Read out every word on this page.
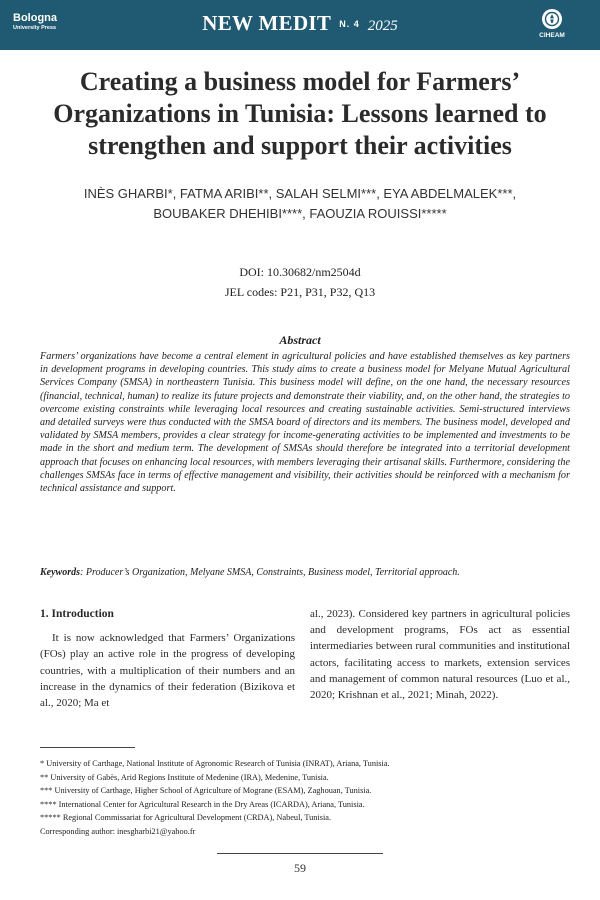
Bologna
University Press	NEW MEDIT N. 4 2025
CIHEAM
Creating a business model for Farmers’ Organizations in Tunisia: Lessons learned to strengthen and support their activities
INÈS GHARBI*, FATMA ARIBI**, SALAH SELMI***, EYA ABDELMALEK***,
BOUBAKER DHEHIBI****, FAOUZIA ROUISSI*****
DOI: 10.30682/nm2504d
JEL codes: P21, P31, P32, Q13
Abstract

Farmers’ organizations have become a central element in agricultural policies and have established themselves as key partners in development programs in developing countries. This study aims to create a business model for Melyane Mutual Agricultural Services Company (SMSA) in northeastern Tunisia. This business model will define, on the one hand, the necessary resources (financial, technical, human) to realize its future projects and demonstrate their viability, and, on the other hand, the strategies to overcome existing constraints while leveraging local resources and creating sustainable activities. Semi-structured interviews and detailed surveys were thus conducted with the SMSA board of directors and its members. The business model, developed and validated by SMSA members, provides a clear strategy for income-generating activities to be implemented and investments to be made in the short and medium term. The development of SMSAs should therefore be integrated into a territorial development approach that focuses on enhancing local resources, with members leveraging their artisanal skills. Furthermore, considering the challenges SMSAs face in terms of effective management and visibility, their activities should be reinforced with a mechanism for technical assistance and support.

Keywords: Producer’s Organization, Melyane SMSA, Constraints, Business model, Territorial approach.
1. Introduction

It is now acknowledged that Farmers’ Organizations (FOs) play an active role in the progress of developing countries, with a multiplication of their numbers and an increase in the dynamics of their federation (Bizikova et al., 2020; Ma et

al., 2023). Considered key partners in agricultural policies and development programs, FOs act as essential intermediaries between rural communities and institutional actors, facilitating access to markets, extension services and management of common natural resources (Luo et al., 2020; Krishnan et al., 2021; Minah, 2022).

* University of Carthage, National Institute of Agronomic Research of Tunisia (INRAT), Ariana, Tunisia.
** University of Gabès, Arid Regions Institute of Medenine (IRA), Medenine, Tunisia.
*** University of Carthage, Higher School of Agriculture of Mograne (ESAM), Zaghouan, Tunisia.
**** International Center for Agricultural Research in the Dry Areas (ICARDA), Ariana, Tunisia.
***** Regional Commissariat for Agricultural Development (CRDA), Nabeul, Tunisia.
Corresponding author: inesgharbi21@yahoo.fr
59
